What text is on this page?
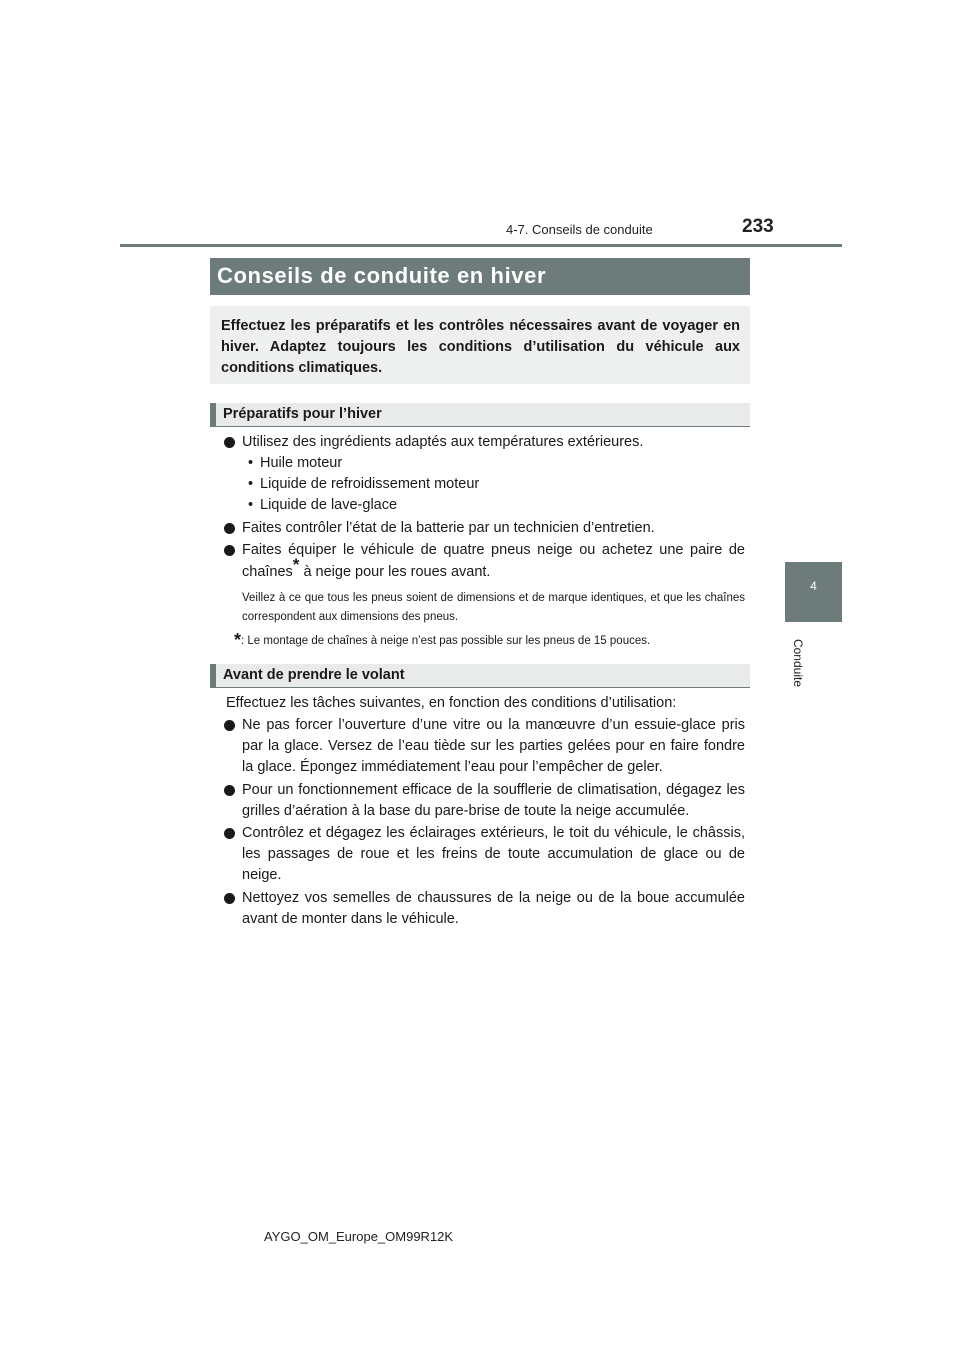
4-7. Conseils de conduite	233
4
Conduite
Conseils de conduite en hiver
Effectuez les préparatifs et les contrôles nécessaires avant de voyager en hiver. Adaptez toujours les conditions d’utilisation du véhicule aux conditions climatiques.
Préparatifs pour l’hiver
Utilisez des ingrédients adaptés aux températures extérieures.
• Huile moteur
• Liquide de refroidissement moteur
• Liquide de lave-glace
Faites contrôler l’état de la batterie par un technicien d’entretien.
Faites équiper le véhicule de quatre pneus neige ou achetez une paire de
chaînes* à neige pour les roues avant.
Veillez à ce que tous les pneus soient de dimensions et de marque identiques, et que les chaînes correspondent aux dimensions des pneus.
*: Le montage de chaînes à neige n’est pas possible sur les pneus de 15 pouces.
Avant de prendre le volant
Effectuez les tâches suivantes, en fonction des conditions d’utilisation:
Ne pas forcer l’ouverture d’une vitre ou la manœuvre d’un essuie-glace pris par la glace. Versez de l’eau tiède sur les parties gelées pour en faire fondre la glace. Épongez immédiatement l’eau pour l’empêcher de geler.
Pour un fonctionnement efficace de la soufflerie de climatisation, dégagez les grilles d’aération à la base du pare-brise de toute la neige accumulée.
Contrôlez et dégagez les éclairages extérieurs, le toit du véhicule, le châssis, les passages de roue et les freins de toute accumulation de glace ou de neige.
Nettoyez vos semelles de chaussures de la neige ou de la boue accumulée avant de monter dans le véhicule.
AYGO_OM_Europe_OM99R12K
